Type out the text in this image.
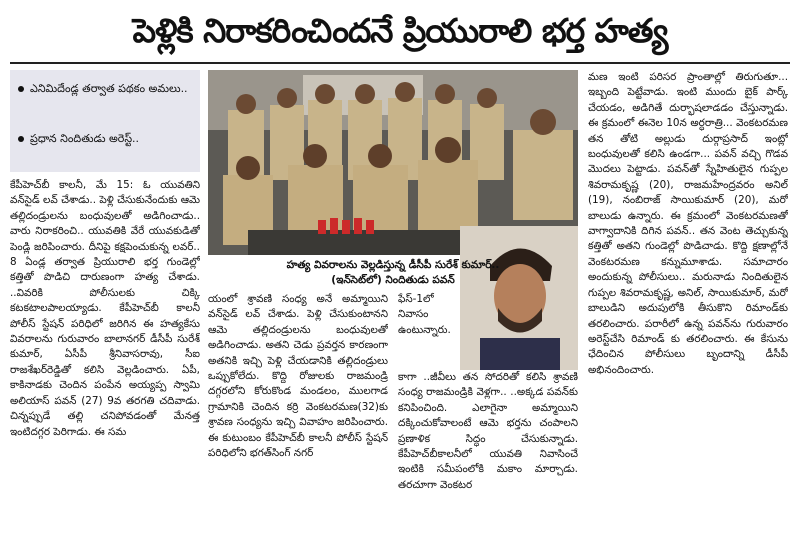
పెళ్లికి నిరాకరించిందనే ప్రియురాలి భర్త హత్య
ఎనిమిదేండ్ల తర్వాత పథకం అమలు..
ప్రధాన నిందితుడు అరెస్ట్‌..

కేపీహెచ్‌బీ కాలనీ, మే 15: ఓ యువతిని వన్‌సైడ్‌ లవ్‌ చేశాడు.. పెళ్లి చేసుకునేందుకు ఆమె తల్లిదండ్రులను బంధువులతో అడిగించాడు.. వారు నిరాకరించి.. యువతికి వేరే యువకుడితో పెండ్లి జరిపించారు. దీనిపై కక్షపెంచుకున్న లవర్‌.. 8 ఏండ్ల తర్వాత ప్రియురాలి భర్త గుండెల్లో కత్తితో పొడిచి దారుణంగా హత్య చేశాడు. ..వివరికి పోలీసులకు చిక్కి కటకటాలపాలయ్యాడు. కేపీహెచ్‌బీ కాలనీ పోలీస్‌ స్టేషన్‌ పరిధిలో జరిగిన ఈ హత్యకేసు వివరాలను గురువారం బాలానగర్‌ డీసీపీ సురేశ్‌ కుమార్‌, ఏసీపీ శ్రీనివాసరావు, సీఐ రాజశేఖర్‌రెడ్డితో కలిసి వెల్లడించారు. ఏపీ, కాకినాడకు చెందిన పంపేన అయ్యప్ప స్వామి అలియాస్‌ పవన్‌ (27) 9వ తరగతి చదివాడు. చిన్నప్పుడే తల్లి చనిపోవడంతో మేనత్త ఇంటిదగ్గర పెరిగాడు. ఈ సమ

హత్య వివరాలను వెల్లడిస్తున్న డీసీపీ సురేశ్‌ కుమార్‌..
(ఇన్‌సెట్‌లో) నిందితుడు పవన్‌

యంలో శ్రావణి సంధ్య అనే అమ్మాయిని వన్‌సైడ్‌ లవ్‌ చేశాడు. పెళ్లి చేసుకుంటానని ఆమె తల్లిదండ్రులను బంధువులతో అడిగించాడు. అతని చెడు ప్రవర్తన కారణంగా అతనికి ఇచ్చి పెళ్లి చేయడానికి తల్లిదండ్రులు ఒప్పుకోలేదు. కొద్ది రోజులకు రాజమండ్రి దగ్గరలోని కోరుకొండ మండలం, ములగాడ గ్రామానికి చెందిన కర్రి వెంకటరమణ(32)కు శ్రావణ సంధ్యను ఇచ్చి వివాహం జరిపించారు. ఈ కుటుంబం కేపీహెచ్‌బీ కాలనీ పోలీస్‌ స్టేషన్‌ పరిధిలోని భగత్‌సింగ్‌ నగర్‌

ఫేస్‌-1లో నివాసం ఉంటున్నారు.

కాగా ..జీవీలు తన సోదరితో కలిసి శ్రావణి సంధ్య రాజమండ్రికి వెళ్లగా.. ..అక్కడ పవన్‌కు కనిపించింది. ఎలాగైనా అమ్మాయిని దక్కించుకోవాలంటే ఆమె భర్తను చంపాలని ప్రణాళిక సిద్ధం చేసుకున్నాడు. కేపీహెచ్‌బీకాలనీలో యువతి నివాసించే ఇంటికి సమీపంలోకి మకాం మార్చాడు. తరచూగా వెంకటర

మణ ఇంటి పరిసర ప్రాంతాల్లో తిరుగుతూ... ఇబ్బంది పెట్టేవాడు. ఇంటి ముందు బైక్‌ పార్క్‌ చేయడం, అడిగితే దుర్భాషలాడడం చేస్తున్నాడు. ఈ క్రమంలో ఈనెల 10న అర్ధరాత్రి... వెంకటరమణ తన తోటి అల్లుడు దుర్గాప్రసాద్‌ ఇంట్లో బంధువులతో కలిసి ఉండగా... పవన్‌ వచ్చి గొడవ మొదలు పెట్టాడు. పవన్‌తో స్నేహితులైన గుప్పల శివరామకృష్ణ (20), రాజమహేంద్రవరం అనిల్‌ (19), నంబిరాజ్‌ సాయికుమార్‌ (20), మరో బాలుడు ఉన్నారు. ఈ క్రమంలో వెంకటరమణతో వాగ్వాదానికి దిగిన పవన్‌.. తన వెంట తెచ్చుకున్న కత్తితో అతని గుండెల్లో పొడిచాడు. కొద్ది క్షణాల్లోనే వెంకటరమణ కన్నుమూశాడు. సమాచారం అందుకున్న పోలీసులు.. మరునాడు నిందితులైన గుప్పల శివరామకృష్ణ, అనిల్‌, సాయికుమార్‌, మరో బాలుడిని అదుపులోకి తీసుకొని రిమాండ్‌కు తరలించారు. పరారీలో ఉన్న పవన్‌ను గురువారం అరెస్ట్‌చేసి రిమాండ్‌ కు తరలించారు. ఈ కేసును ఛేదించిన పోలీసులు బృందాన్ని డీసీపీ అభినందించారు.
